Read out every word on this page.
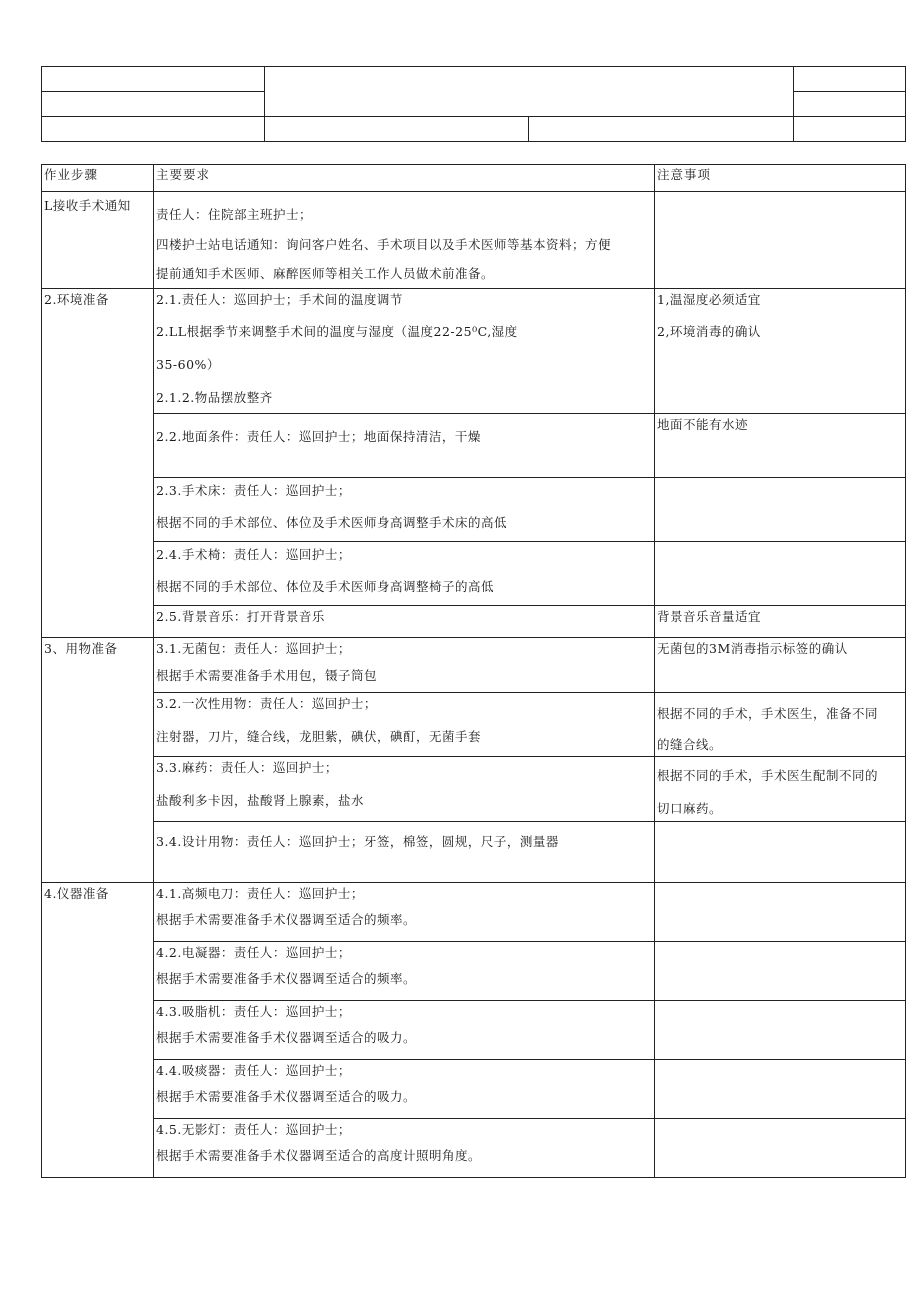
作业步骤	主要要求	注意事项

L接收手术通知	责任人：住院部主班护士；
四楼护士站电话通知：询问客户姓名、手术项目以及手术医师等基本资料；方便
提前通知手术医师、麻醉医师等相关工作人员做术前准备。	

2.环境准备	2.1.责任人：巡回护士；手术间的温度调节
2.LL根据季节来调整手术间的温度与湿度（温度22-25⁰C,湿度
35-60%）
2.1.2.物品摆放整齐	1,温湿度必须适宜
2,环境消毒的确认

	2.2.地面条件：责任人：巡回护士；地面保持清洁，干燥	地面不能有水迹

	2.3.手术床：责任人：巡回护士；
根据不同的手术部位、体位及手术医师身高调整手术床的高低	

	2.4.手术椅：责任人：巡回护士；
根据不同的手术部位、体位及手术医师身高调整椅子的高低	

	2.5.背景音乐：打开背景音乐	背景音乐音量适宜

3、用物准备	3.1.无菌包：责任人：巡回护士；
根据手术需要准备手术用包，镊子筒包	无菌包的3M消毒指示标签的确认

	3.2.一次性用物：责任人：巡回护士；
注射器，刀片，缝合线，龙胆紫，碘伏，碘酊，无菌手套	根据不同的手术，手术医生，准备不同
的缝合线。

	3.3.麻药：责任人：巡回护士；
盐酸利多卡因，盐酸肾上腺素，盐水	根据不同的手术，手术医生配制不同的
切口麻药。

	3.4.设计用物：责任人：巡回护士；牙签，棉签，圆规，尺子，测量器	

4.仪器准备	4.1.高频电刀：责任人：巡回护士；
根据手术需要准备手术仪器调至适合的频率。	

	4.2.电凝器：责任人：巡回护士；
根据手术需要准备手术仪器调至适合的频率。	

	4.3.吸脂机：责任人：巡回护士；
根据手术需要准备手术仪器调至适合的吸力。	

	4.4.吸痰器：责任人：巡回护士；
根据手术需要准备手术仪器调至适合的吸力。	

	4.5.无影灯：责任人：巡回护士；
根据手术需要准备手术仪器调至适合的高度计照明角度。	
